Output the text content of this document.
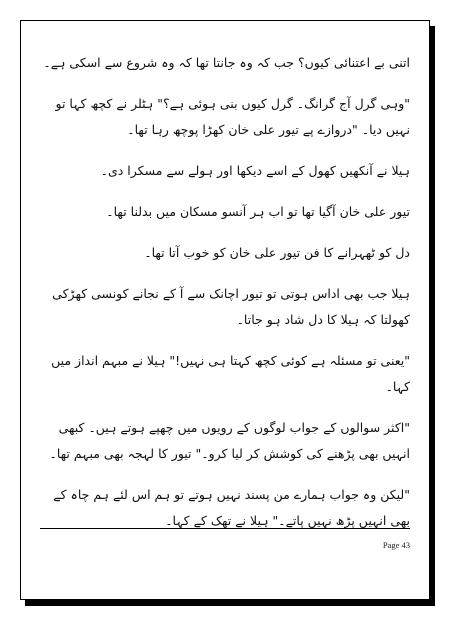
اتنی بے اعتنائی کیوں؟ جب کہ وہ جانتا تھا کہ وہ شروع سے اسکی ہے۔

"وہی گرل آج گرانگ۔ گرل کیوں بنی ہوئی ہے؟" ہٹلر نے کچھ کہا تو نہیں دیا۔ "دروازے پے تیور علی خان کھڑا پوچھ رہا تھا۔

ہیلا نے آنکھیں کھول کے اسے دیکھا اور ہولے سے مسکرا دی۔

تیور علی خان آگیا تھا تو اب ہر آنسو مسکان میں بدلنا تھا۔

دل کو ٹھہرانے کا فن تیور علی خان کو خوب آتا تھا۔

ہیلا جب بھی اداس ہوتی تو تیور اچانک سے آ کے نجانے کونسی کھڑکی کھولتا کہ ہیلا کا دل شاد ہو جاتا۔

"یعنی تو مسئلہ ہے کوئی کچھ کہتا ہی نہیں!" ہیلا نے مبہم انداز میں کہا۔

"اکثر سوالوں کے جواب لوگوں کے رویوں میں چھپے ہوتے ہیں۔ کبھی انہیں بھی پڑھنے کی کوشش کر لیا کرو۔" تیور کا لہجہ بھی مبہم تھا۔

"لیکن وہ جواب ہمارے من پسند نہیں ہوتے تو ہم اس لئے ہم چاہ کے بھی انہیں پڑھ نہیں پاتے۔" ہیلا نے تھک کے کہا۔

Page 43
